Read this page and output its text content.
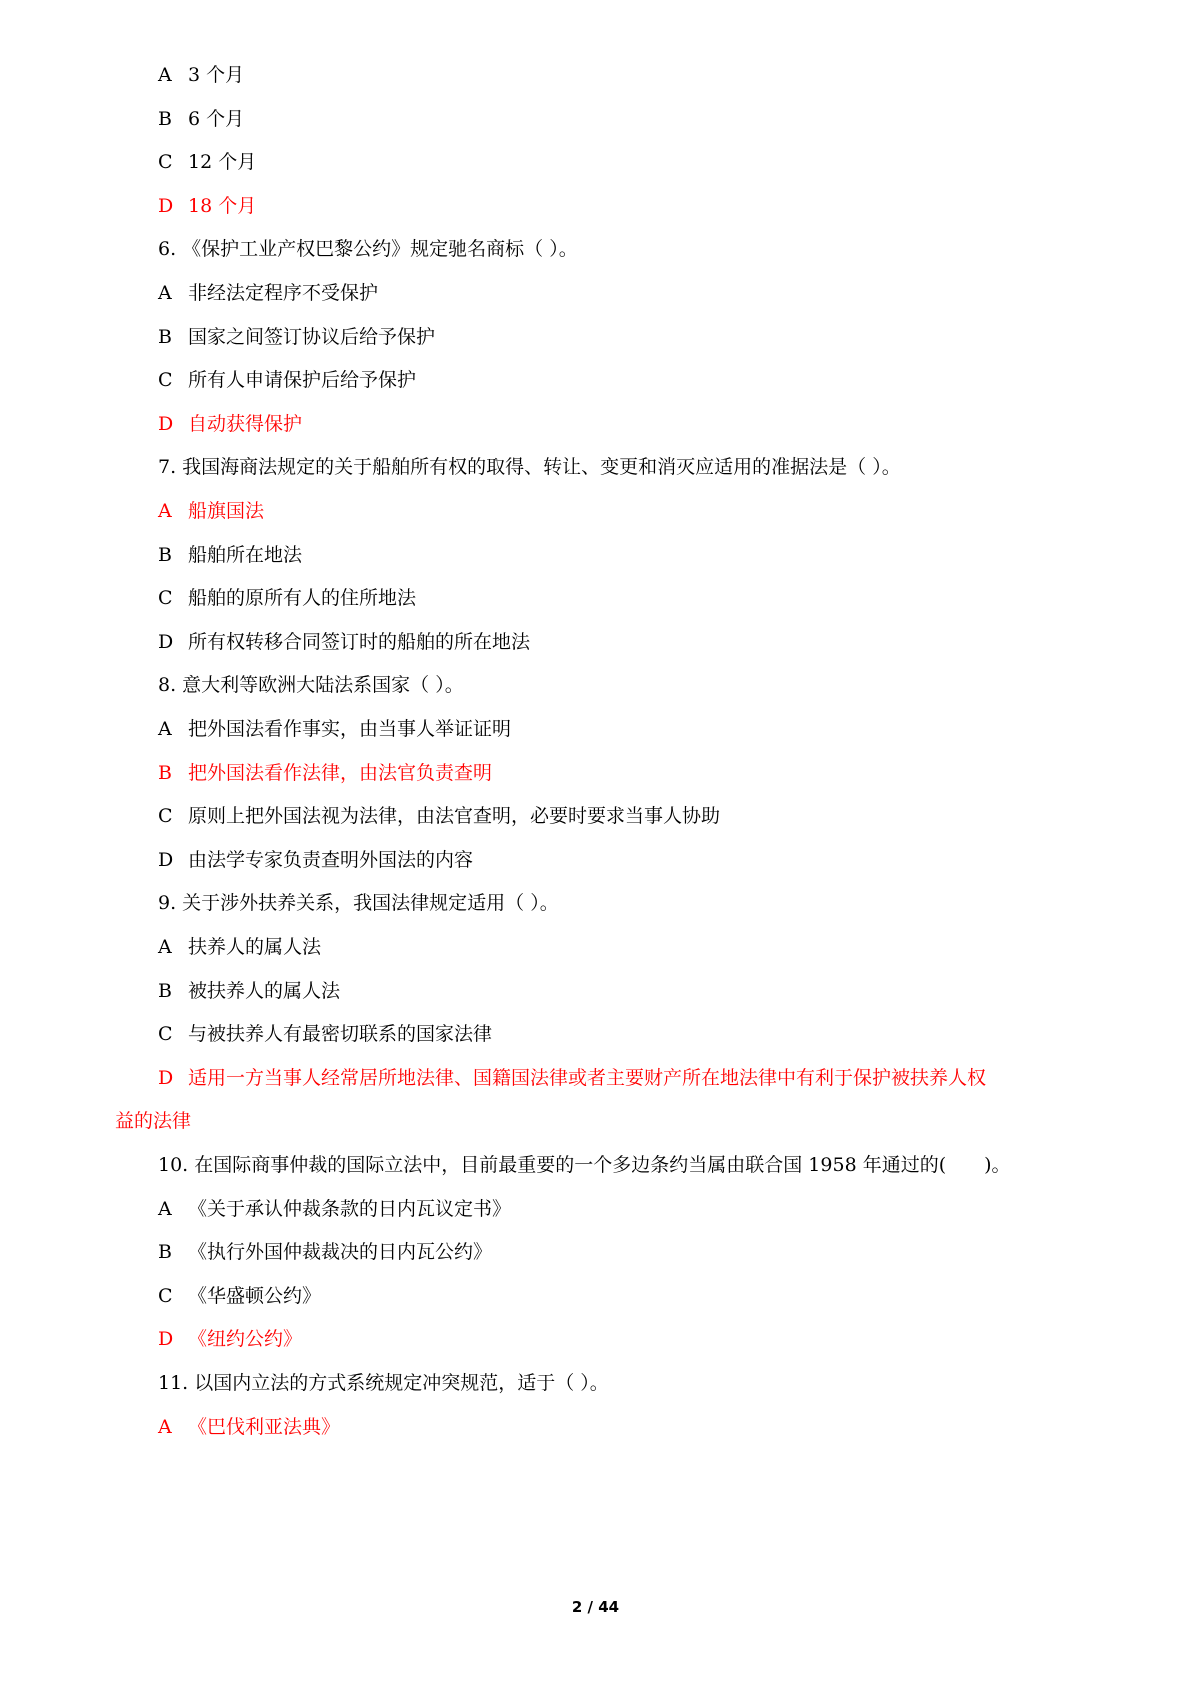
A 3 个月
B 6 个月
C 12 个月
D 18 个月
6. 《保护工业产权巴黎公约》规定驰名商标（ ）。
A 非经法定程序不受保护
B 国家之间签订协议后给予保护
C 所有人申请保护后给予保护
D 自动获得保护
7. 我国海商法规定的关于船舶所有权的取得、转让、变更和消灭应适用的准据法是（ ）。
A 船旗国法
B 船舶所在地法
C 船舶的原所有人的住所地法
D 所有权转移合同签订时的船舶的所在地法
8. 意大利等欧洲大陆法系国家（ ）。
A 把外国法看作事实，由当事人举证证明
B 把外国法看作法律，由法官负责查明
C 原则上把外国法视为法律，由法官查明，必要时要求当事人协助
D 由法学专家负责查明外国法的内容
9. 关于涉外扶养关系，我国法律规定适用（ ）。
A 扶养人的属人法
B 被扶养人的属人法
C 与被扶养人有最密切联系的国家法律
D 适用一方当事人经常居所地法律、国籍国法律或者主要财产所在地法律中有利于保护被扶养人权
益的法律
10. 在国际商事仲裁的国际立法中，目前最重要的一个多边条约当属由联合国 1958 年通过的(　　)。
A 《关于承认仲裁条款的日内瓦议定书》
B 《执行外国仲裁裁决的日内瓦公约》
C 《华盛顿公约》
D 《纽约公约》
11. 以国内立法的方式系统规定冲突规范，适于（ ）。
A 《巴伐利亚法典》
2 / 44
